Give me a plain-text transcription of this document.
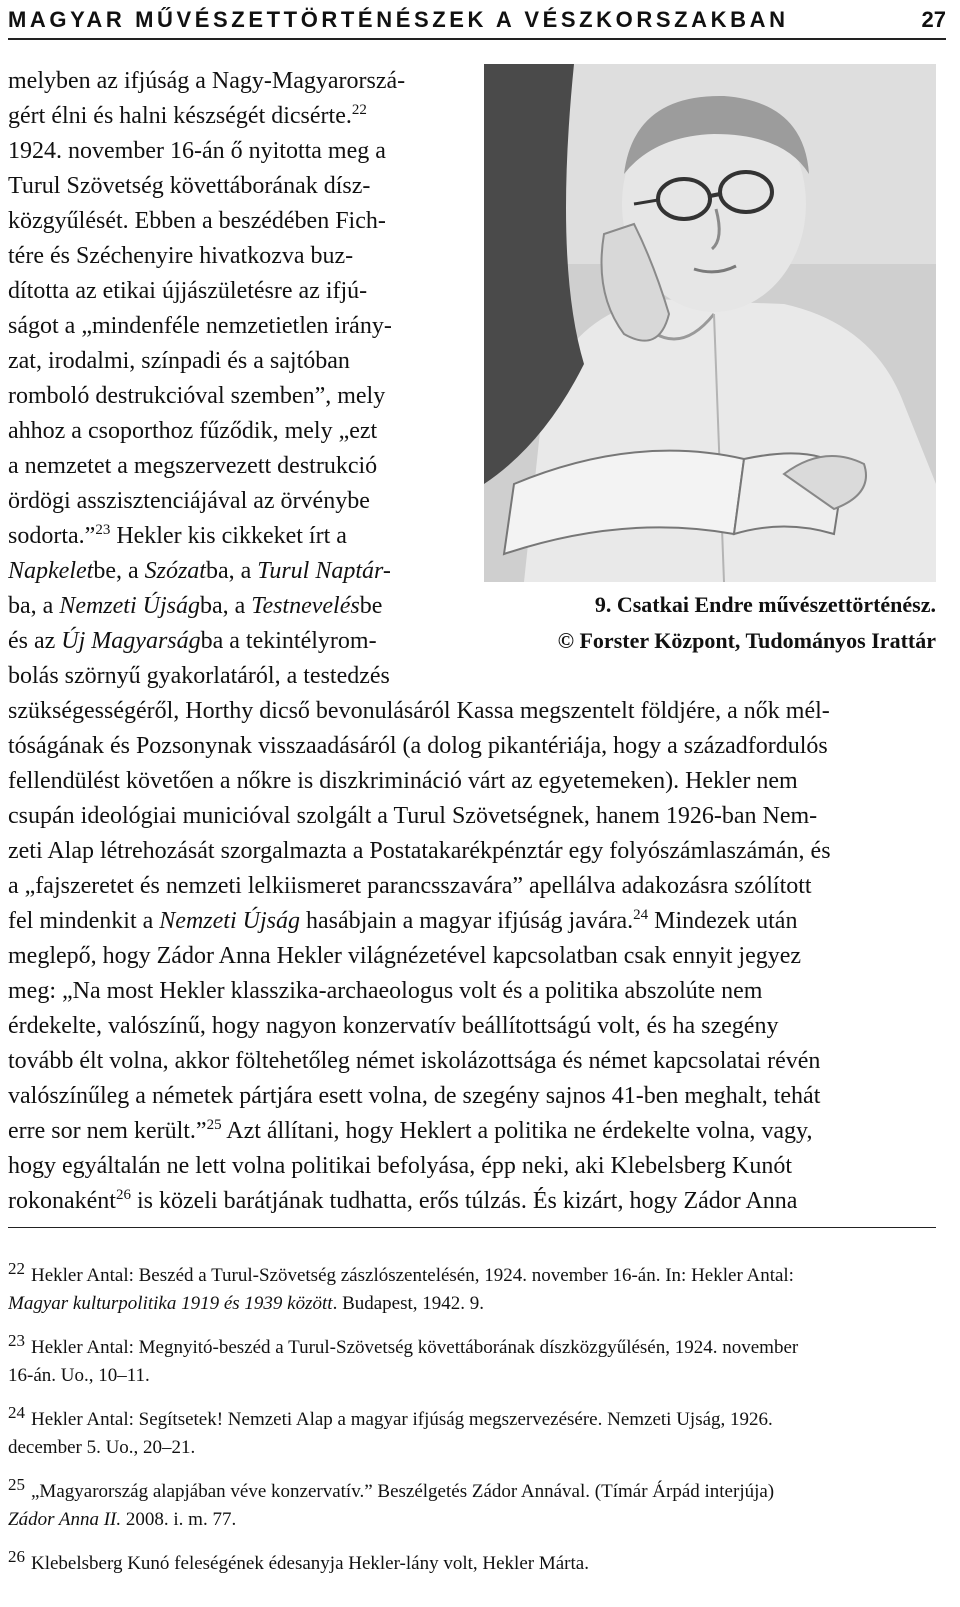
MAGYAR MŰVÉSZETTÖRTÉNÉSZEK A VÉSZKORSZAKBAN	27
9. Csatkai Endre művészettörténész.
© Forster Központ, Tudományos Irattár
melyben az ifjúság a Nagy-Magyarorszá-
gért élni és halni készségét dicsérte.$^{22}$
1924. november 16-án ő nyitotta meg a
Turul Szövetség követtáborának dísz-
közgyűlését. Ebben a beszédében Fich-
tére és Széchenyire hivatkozva buz-
dította az etikai újjászületésre az ifjú-
ságot a „mindenféle nemzetietlen irány-
zat, irodalmi, színpadi és a sajtóban
romboló destrukcióval szemben”, mely
ahhoz a csoporthoz fűződik, mely „ezt
a nemzetet a megszervezett destrukció
ördögi asszisztenciájával az örvénybe
sodorta.”$^{23}$ Hekler kis cikkeket írt a
Napkeletbe, a Szózatba, a Turul Naptár-
ba, a Nemzeti Újságba, a Testnevelésbe
és az Új Magyarságba a tekintélyrom-
bolás szörnyű gyakorlatáról, a testedzés
szükségességéről, Horthy dicső bevonulásáról Kassa megszentelt földjére, a nők mél-
tóságának és Pozsonynak visszaadásáról (a dolog pikantériája, hogy a századfordulós
fellendülést követően a nőkre is diszkrimináció várt az egyetemeken). Hekler nem
csupán ideológiai municióval szolgált a Turul Szövetségnek, hanem 1926-ban Nem-
zeti Alap létrehozását szorgalmazta a Postatakarékpénztár egy folyószámlaszámán, és
a „fajszeretet és nemzeti lelkiismeret parancsszavára” apellálva adakozásra szólított
fel mindenkit a Nemzeti Újság hasábjain a magyar ifjúság javára.$^{24}$ Mindezek után
meglepő, hogy Zádor Anna Hekler világnézetével kapcsolatban csak ennyit jegyez
meg: „Na most Hekler klasszika-archaeologus volt és a politika abszolúte nem
érdekelte, valószínű, hogy nagyon konzervatív beállítottságú volt, és ha szegény
tovább élt volna, akkor föltehetőleg német iskolázottsága és német kapcsolatai révén
valószínűleg a németek pártjára esett volna, de szegény sajnos 41-ben meghalt, tehát
erre sor nem került.”$^{25}$ Azt állítani, hogy Heklert a politika ne érdekelte volna, vagy,
hogy egyáltalán ne lett volna politikai befolyása, épp neki, aki Klebelsberg Kunót
rokonaként$^{26}$ is közeli barátjának tudhatta, erős túlzás. És kizárt, hogy Zádor Anna
22 Hekler Antal: Beszéd a Turul-Szövetség zászlószentelésén, 1924. november 16-án. In: Hekler Antal:
Magyar kulturpolitika 1919 és 1939 között. Budapest, 1942. 9.
23 Hekler Antal: Megnyitó-beszéd a Turul-Szövetség követtáborának díszközgyűlésén, 1924. november
16-án. Uo., 10–11.
24 Hekler Antal: Segítsetek! Nemzeti Alap a magyar ifjúság megszervezésére. Nemzeti Ujság, 1926.
december 5. Uo., 20–21.
25 „Magyarország alapjában véve konzervatív.” Beszélgetés Zádor Annával. (Tímár Árpád interjúja)
Zádor Anna II. 2008. i. m. 77.
26 Klebelsberg Kunó feleségének édesanyja Hekler-lány volt, Hekler Márta.
